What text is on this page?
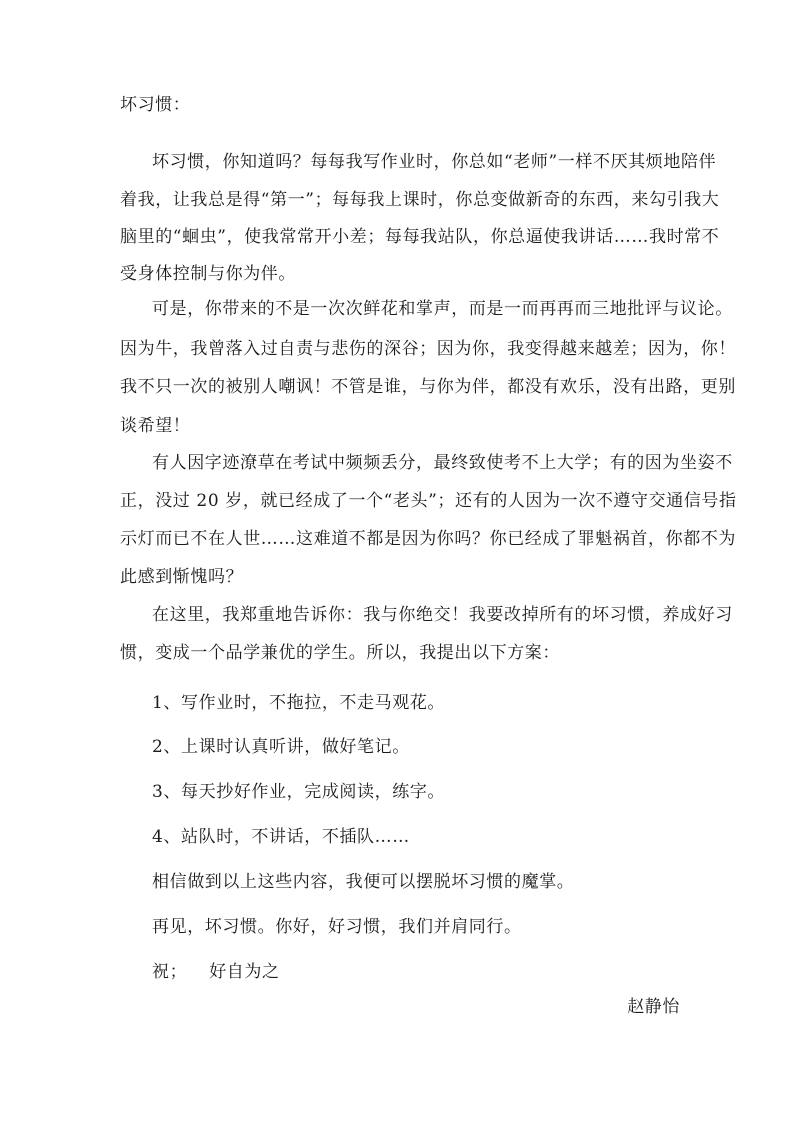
坏习惯：
坏习惯，你知道吗？每每我写作业时，你总如“老师”一样不厌其烦地陪伴
着我，让我总是得“第一”；每每我上课时，你总变做新奇的东西，来勾引我大
脑里的“蛔虫”，使我常常开小差；每每我站队，你总逼使我讲话……我时常不
受身体控制与你为伴。
可是，你带来的不是一次次鲜花和掌声，而是一而再再而三地批评与议论。
因为牛，我曾落入过自责与悲伤的深谷；因为你，我变得越来越差；因为，你！
我不只一次的被别人嘲讽！不管是谁，与你为伴，都没有欢乐，没有出路，更别
谈希望！
有人因字迹潦草在考试中频频丢分，最终致使考不上大学；有的因为坐姿不
正，没过 20 岁，就已经成了一个“老头”；还有的人因为一次不遵守交通信号指
示灯而已不在人世……这难道不都是因为你吗？你已经成了罪魁祸首，你都不为
此感到惭愧吗？
在这里，我郑重地告诉你：我与你绝交！我要改掉所有的坏习惯，养成好习
惯，变成一个品学兼优的学生。所以，我提出以下方案：
1、写作业时，不拖拉，不走马观花。
2、上课时认真听讲，做好笔记。
3、每天抄好作业，完成阅读，练字。
4、站队时，不讲话，不插队……
相信做到以上这些内容，我便可以摆脱坏习惯的魔掌。
再见，坏习惯。你好，好习惯，我们并肩同行。
祝； 好自为之
赵静怡
